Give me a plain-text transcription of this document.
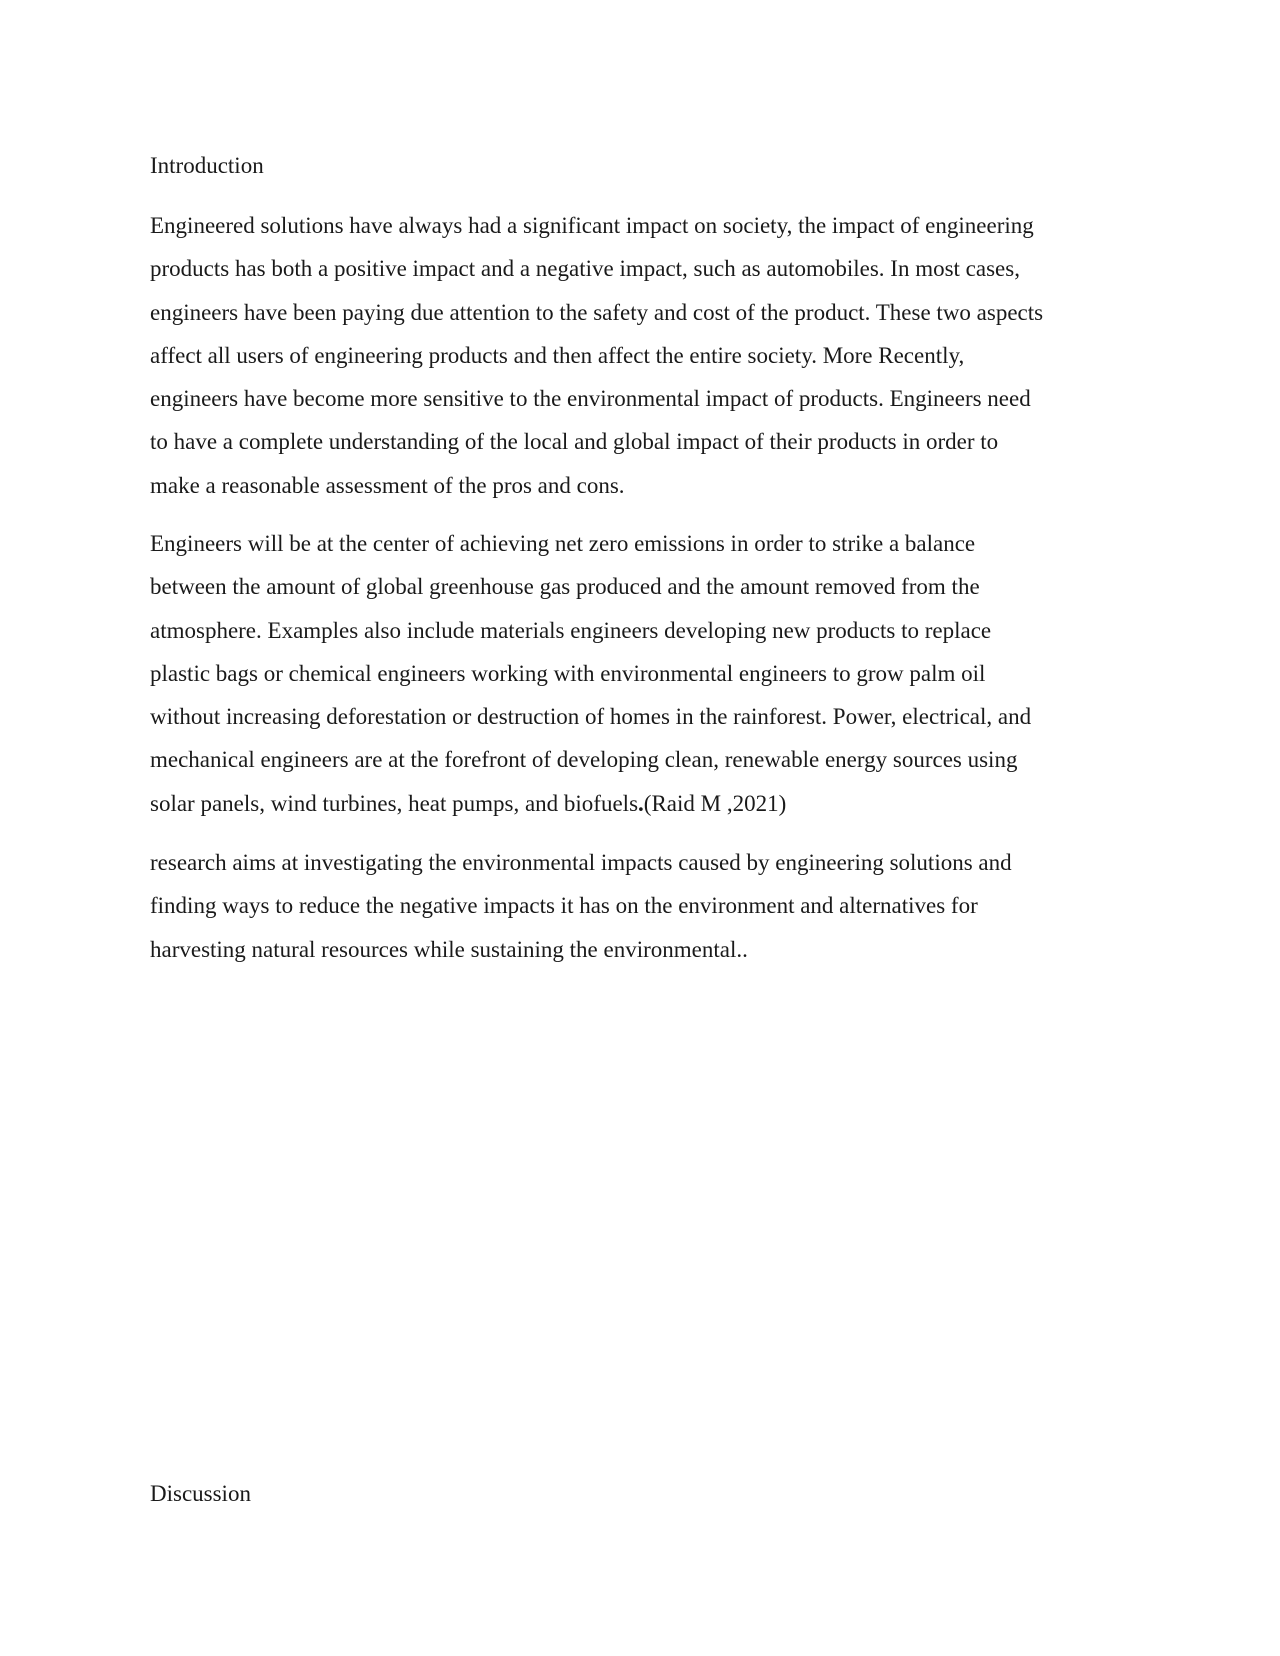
Introduction

Engineered solutions have always had a significant impact on society, the impact of engineering
products has both a positive impact and a negative impact, such as automobiles. In most cases,
engineers have been paying due attention to the safety and cost of the product. These two aspects
affect all users of engineering products and then affect the entire society. More Recently,
engineers have become more sensitive to the environmental impact of products. Engineers need
to have a complete understanding of the local and global impact of their products in order to
make a reasonable assessment of the pros and cons.

Engineers will be at the center of achieving net zero emissions in order to strike a balance
between the amount of global greenhouse gas produced and the amount removed from the
atmosphere. Examples also include materials engineers developing new products to replace
plastic bags or chemical engineers working with environmental engineers to grow palm oil
without increasing deforestation or destruction of homes in the rainforest. Power, electrical, and
mechanical engineers are at the forefront of developing clean, renewable energy sources using
solar panels, wind turbines, heat pumps, and biofuels.(Raid M ,2021)

research aims at investigating the environmental impacts caused by engineering solutions and
finding ways to reduce the negative impacts it has on the environment and alternatives for
harvesting natural resources while sustaining the environmental..

Discussion
